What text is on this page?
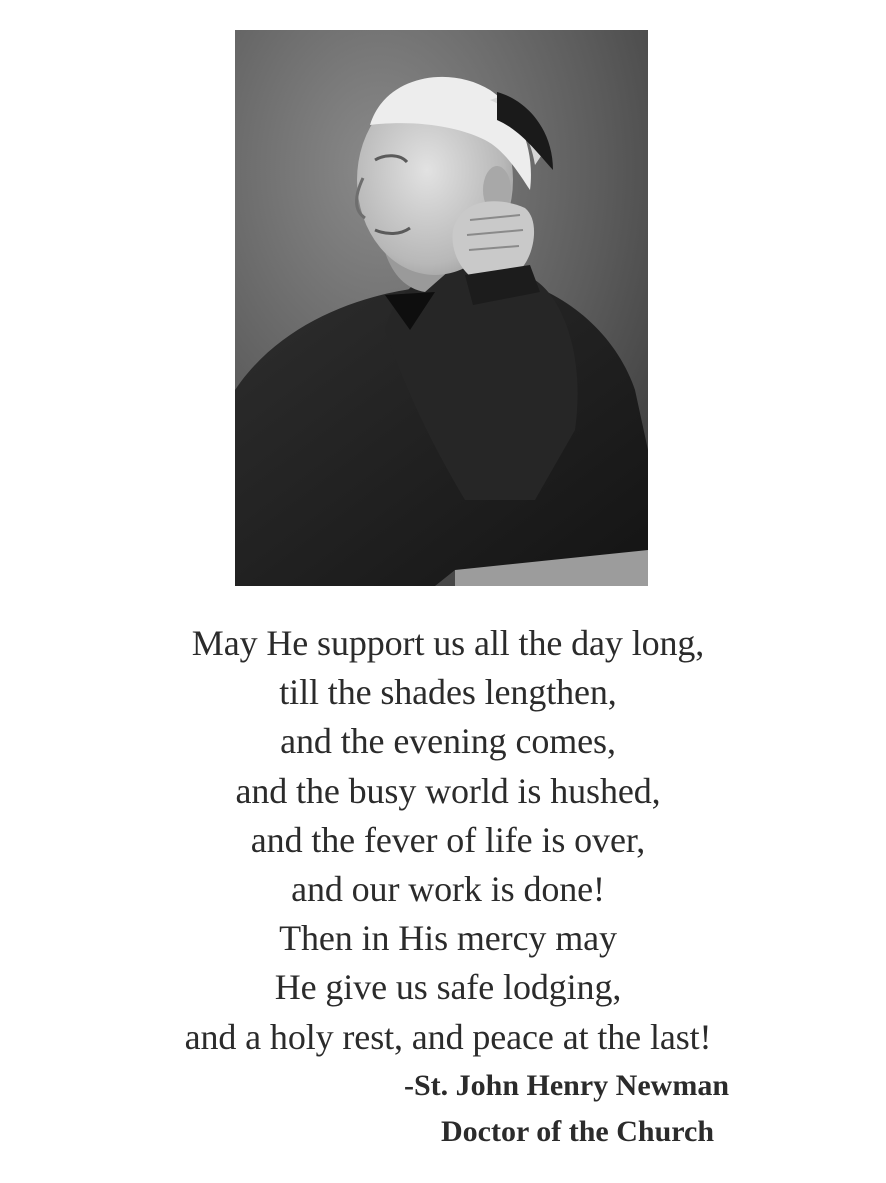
May He support us all the day long,
till the shades lengthen,
and the evening comes,
and the busy world is hushed,
and the fever of life is over,
and our work is done!
Then in His mercy may
He give us safe lodging,
and a holy rest, and peace at the last!
-St. John Henry Newman
Doctor of the Church
